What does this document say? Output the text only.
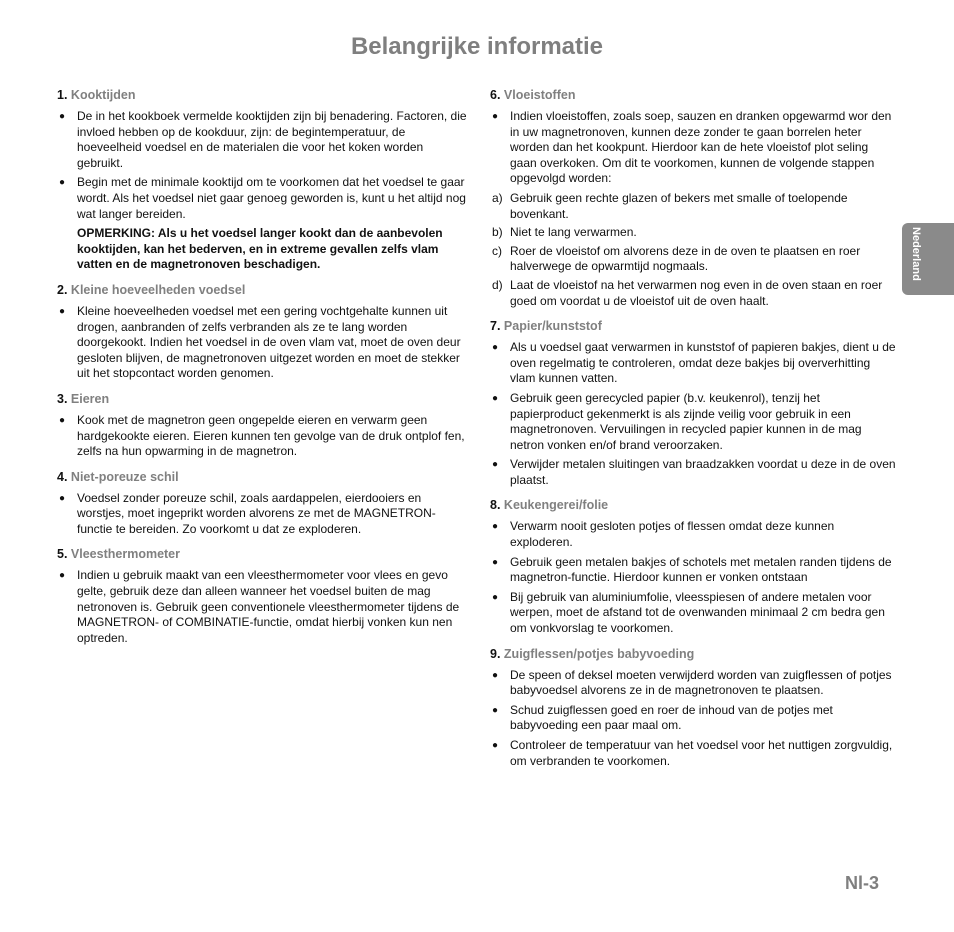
Belangrijke informatie
1. Kooktijden
● De in het kookboek vermelde kooktijden zijn bij benadering. Factoren, die invloed hebben op de kookduur, zijn: de begintemperatuur, de hoeveelheid voedsel en de materialen die voor het koken worden gebruikt.
● Begin met de minimale kooktijd om te voorkomen dat het voedsel te gaar wordt. Als het voedsel niet gaar genoeg geworden is, kunt u het altijd nog wat langer bereiden.
OPMERKING: Als u het voedsel langer kookt dan de aanbevolen kooktijden, kan het bederven, en in extreme gevallen zelfs vlam vatten en de magnetronoven beschadigen.
2. Kleine hoeveelheden voedsel
● Kleine hoeveelheden voedsel met een gering vochtgehalte kunnen uit drogen, aanbranden of zelfs verbranden als ze te lang worden doorgekookt. Indien het voedsel in de oven vlam vat, moet de oven deur gesloten blijven, de magnetronoven uitgezet worden en moet de stekker uit het stopcontact worden genomen.
3. Eieren
● Kook met de magnetron geen ongepelde eieren en verwarm geen hardgekookte eieren. Eieren kunnen ten gevolge van de druk ontplof fen, zelfs na hun opwarming in de magnetron.
4. Niet-poreuze schil
● Voedsel zonder poreuze schil, zoals aardappelen, eierdooiers en worstjes, moet ingeprikt worden alvorens ze met de MAGNETRON-functie te bereiden. Zo voorkomt u dat ze exploderen.
5. Vleesthermometer
● Indien u gebruik maakt van een vleesthermometer voor vlees en gevo gelte, gebruik deze dan alleen wanneer het voedsel buiten de mag netronoven is. Gebruik geen conventionele vleesthermometer tijdens de MAGNETRON- of COMBINATIE-functie, omdat hierbij vonken kun nen optreden.
6. Vloeistoffen
● Indien vloeistoffen, zoals soep, sauzen en dranken opgewarmd wor den in uw magnetronoven, kunnen deze zonder te gaan borrelen heter worden dan het kookpunt. Hierdoor kan de hete vloeistof plot seling gaan overkoken. Om dit te voorkomen, kunnen de volgende stappen opgevolgd worden:
a) Gebruik geen rechte glazen of bekers met smalle of toelopende bovenkant.
b) Niet te lang verwarmen.
c) Roer de vloeistof om alvorens deze in de oven te plaatsen en roer halverwege de opwarmtijd nogmaals.
d) Laat de vloeistof na het verwarmen nog even in de oven staan en roer goed om voordat u de vloeistof uit de oven haalt.
7. Papier/kunststof
● Als u voedsel gaat verwarmen in kunststof of papieren bakjes, dient u de oven regelmatig te controleren, omdat deze bakjes bij oververhitting vlam kunnen vatten.
● Gebruik geen gerecycled papier (b.v. keukenrol), tenzij het papierproduct gekenmerkt is als zijnde veilig voor gebruik in een magnetronoven. Vervuilingen in recycled papier kunnen in de mag netron vonken en/of brand veroorzaken.
● Verwijder metalen sluitingen van braadzakken voordat u deze in de oven plaatst.
8. Keukengerei/folie
● Verwarm nooit gesloten potjes of flessen omdat deze kunnen exploderen.
● Gebruik geen metalen bakjes of schotels met metalen randen tijdens de magnetron-functie. Hierdoor kunnen er vonken ontstaan
● Bij gebruik van aluminiumfolie, vleesspiesen of andere metalen voor werpen, moet de afstand tot de ovenwanden minimaal 2 cm bedra gen om vonkvorslag te voorkomen.
9. Zuigflessen/potjes babyvoeding
● De speen of deksel moeten verwijderd worden van zuigflessen of potjes babyvoedsel alvorens ze in de magnetronoven te plaatsen.
● Schud zuigflessen goed en roer de inhoud van de potjes met babyvoeding een paar maal om.
● Controleer de temperatuur van het voedsel voor het nuttigen zorgvuldig, om verbranden te voorkomen.
Nederland
Nl-3
